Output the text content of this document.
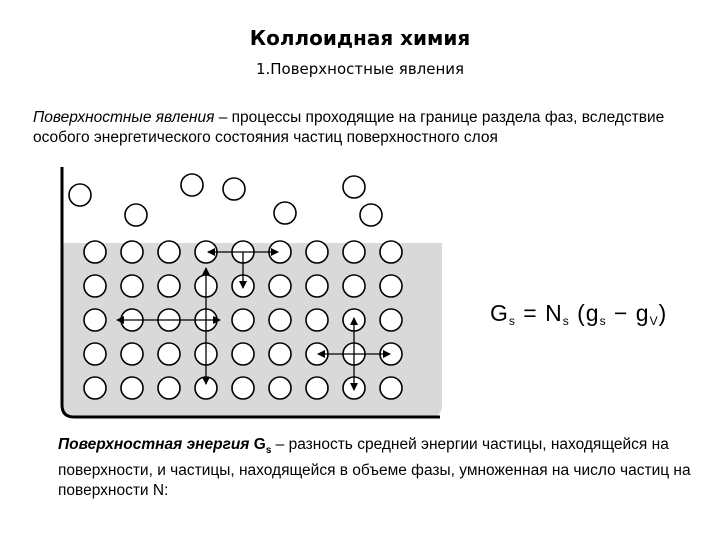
Коллоидная химия
1.Поверхностные явления
Поверхностные явления – процессы проходящие на границе раздела фаз, вследствие особого энергетического состояния частиц поверхностного слоя
$G_s = N_s$ $(g_s - g_V)$
Поверхностная энергия $G_s$ – разность средней энергии частицы, находящейся на поверхности, и частицы, находящейся в объеме фазы, умноженная на число частиц на поверхности N:
